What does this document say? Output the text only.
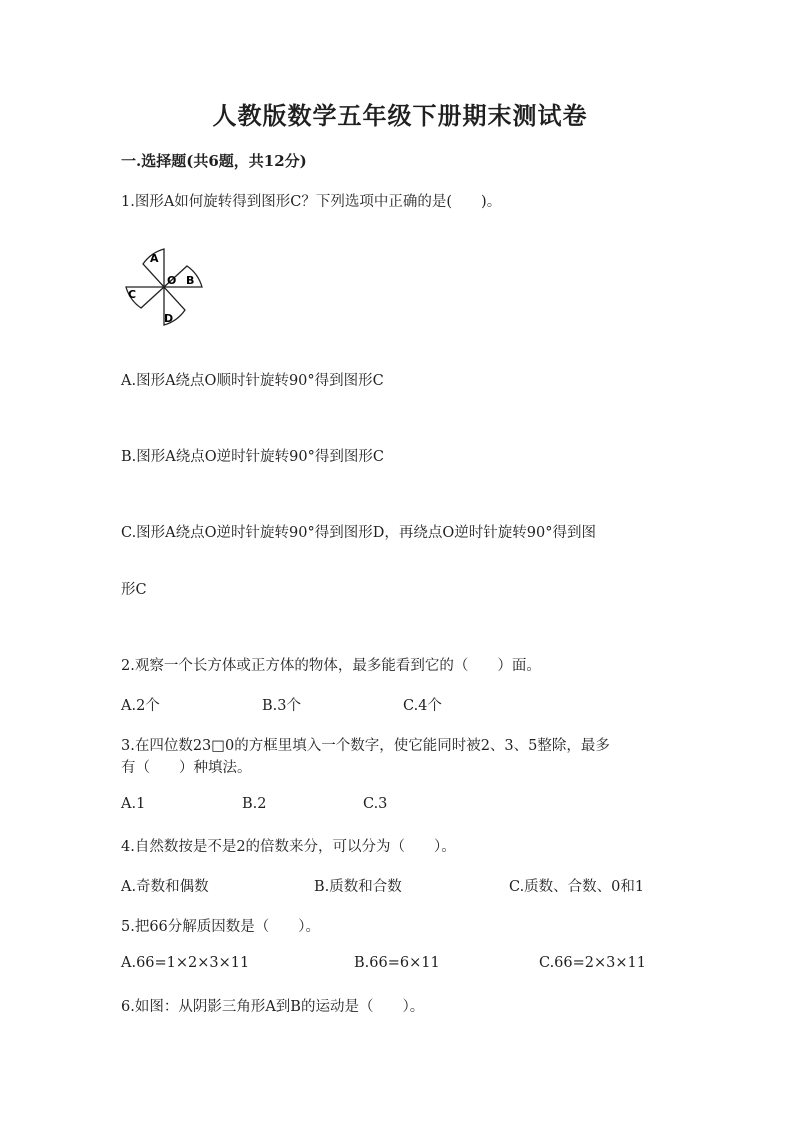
人教版数学五年级下册期末测试卷
一.选择题(共6题，共12分)
1.图形A如何旋转得到图形C？下列选项中正确的是(　　)。
A
B
C
D
O
A.图形A绕点O顺时针旋转90°得到图形C
B.图形A绕点O逆时针旋转90°得到图形C
C.图形A绕点O逆时针旋转90°得到图形D，再绕点O逆时针旋转90°得到图
形C
2.观察一个长方体或正方体的物体，最多能看到它的（　　）面。
A.2个	B.3个	C.4个
3.在四位数23□0的方框里填入一个数字，使它能同时被2、3、5整除，最多
有（　　）种填法。
A.1	B.2	C.3
4.自然数按是不是2的倍数来分，可以分为（　　）。
A.奇数和偶数	B.质数和合数	C.质数、合数、0和1
5.把66分解质因数是（　　）。
A.66=1×2×3×11	B.66=6×11	C.66=2×3×11
6.如图：从阴影三角形A到B的运动是（　　）。
